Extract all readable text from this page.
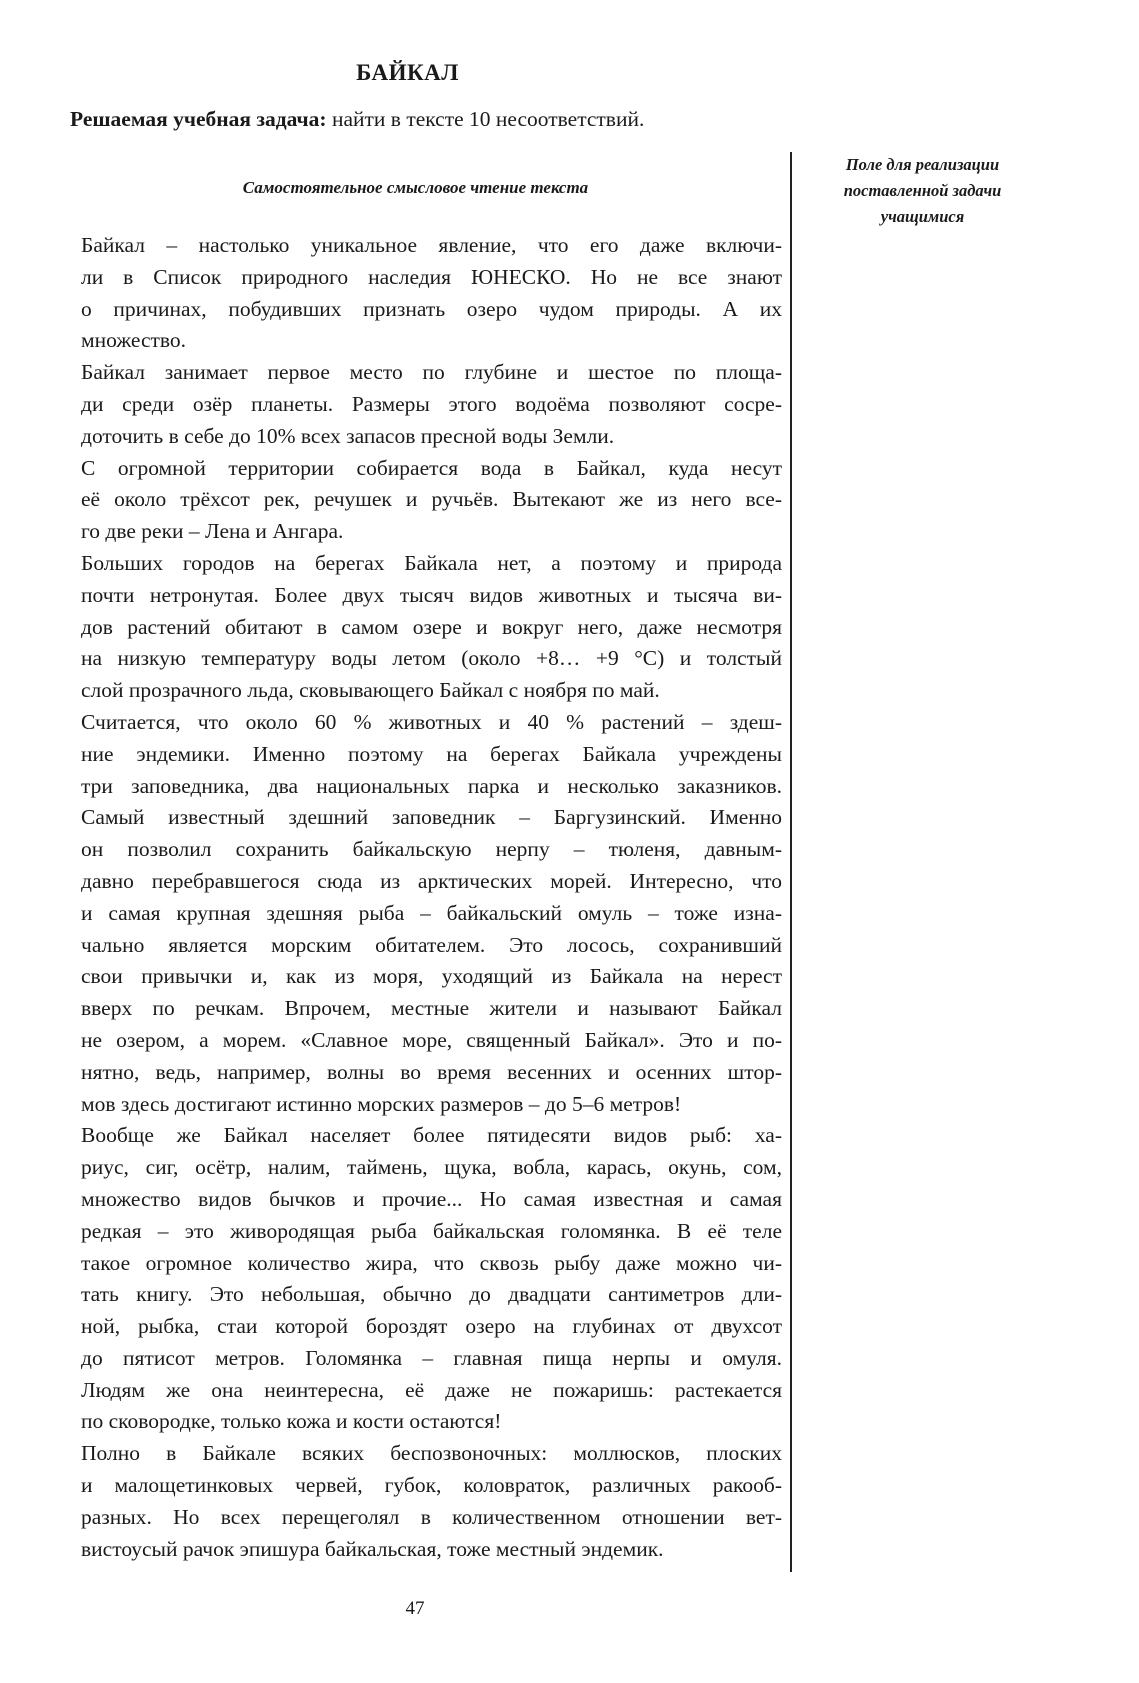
БАЙКАЛ
Решаемая учебная задача: найти в тексте 10 несоответствий.
Самостоятельное смысловое чтение текста
Поле для реализации
поставленной задачи
учащимися

Байкал – настолько уникальное явление, что его даже включи-
ли в Список природного наследия ЮНЕСКО. Но не все знают
о причинах, побудивших признать озеро чудом природы. А их
множество.

Байкал занимает первое место по глубине и шестое по площа-
ди среди озёр планеты. Размеры этого водоёма позволяют сосре-
доточить в себе до 10% всех запасов пресной воды Земли.

С огромной территории собирается вода в Байкал, куда несут
её около трёхсот рек, речушек и ручьёв. Вытекают же из него все-
го две реки – Лена и Ангара.

Больших городов на берегах Байкала нет, а поэтому и природа
почти нетронутая. Более двух тысяч видов животных и тысяча ви-
дов растений обитают в самом озере и вокруг него, даже несмотря
на низкую температуру воды летом (около +8… +9 °С) и толстый
слой прозрачного льда, сковывающего Байкал с ноября по май.

Считается, что около 60 % животных и 40 % растений – здеш-
ние эндемики. Именно поэтому на берегах Байкала учреждены
три заповедника, два национальных парка и несколько заказников.
Самый известный здешний заповедник – Баргузинский. Именно
он позволил сохранить байкальскую нерпу – тюленя, давным-
давно перебравшегося сюда из арктических морей. Интересно, что
и самая крупная здешняя рыба – байкальский омуль – тоже изна-
чально является морским обитателем. Это лосось, сохранивший
свои привычки и, как из моря, уходящий из Байкала на нерест
вверх по речкам. Впрочем, местные жители и называют Байкал
не озером, а морем. «Славное море, священный Байкал». Это и по-
нятно, ведь, например, волны во время весенних и осенних штор-
мов здесь достигают истинно морских размеров – до 5–6 метров!

Вообще же Байкал населяет более пятидесяти видов рыб: ха-
риус, сиг, осётр, налим, таймень, щука, вобла, карась, окунь, сом,
множество видов бычков и прочие... Но самая известная и самая
редкая – это живородящая рыба байкальская голомянка. В её теле
такое огромное количество жира, что сквозь рыбу даже можно чи-
тать книгу. Это небольшая, обычно до двадцати сантиметров дли-
ной, рыбка, стаи которой бороздят озеро на глубинах от двухсот
до пятисот метров. Голомянка – главная пища нерпы и омуля.
Людям же она неинтересна, её даже не пожаришь: растекается
по сковородке, только кожа и кости остаются!

Полно в Байкале всяких беспозвоночных: моллюсков, плоских
и малощетинковых червей, губок, коловраток, различных ракооб-
разных. Но всех перещеголял в количественном отношении вет-
вистоусый рачок эпишура байкальская, тоже местный эндемик.

47
